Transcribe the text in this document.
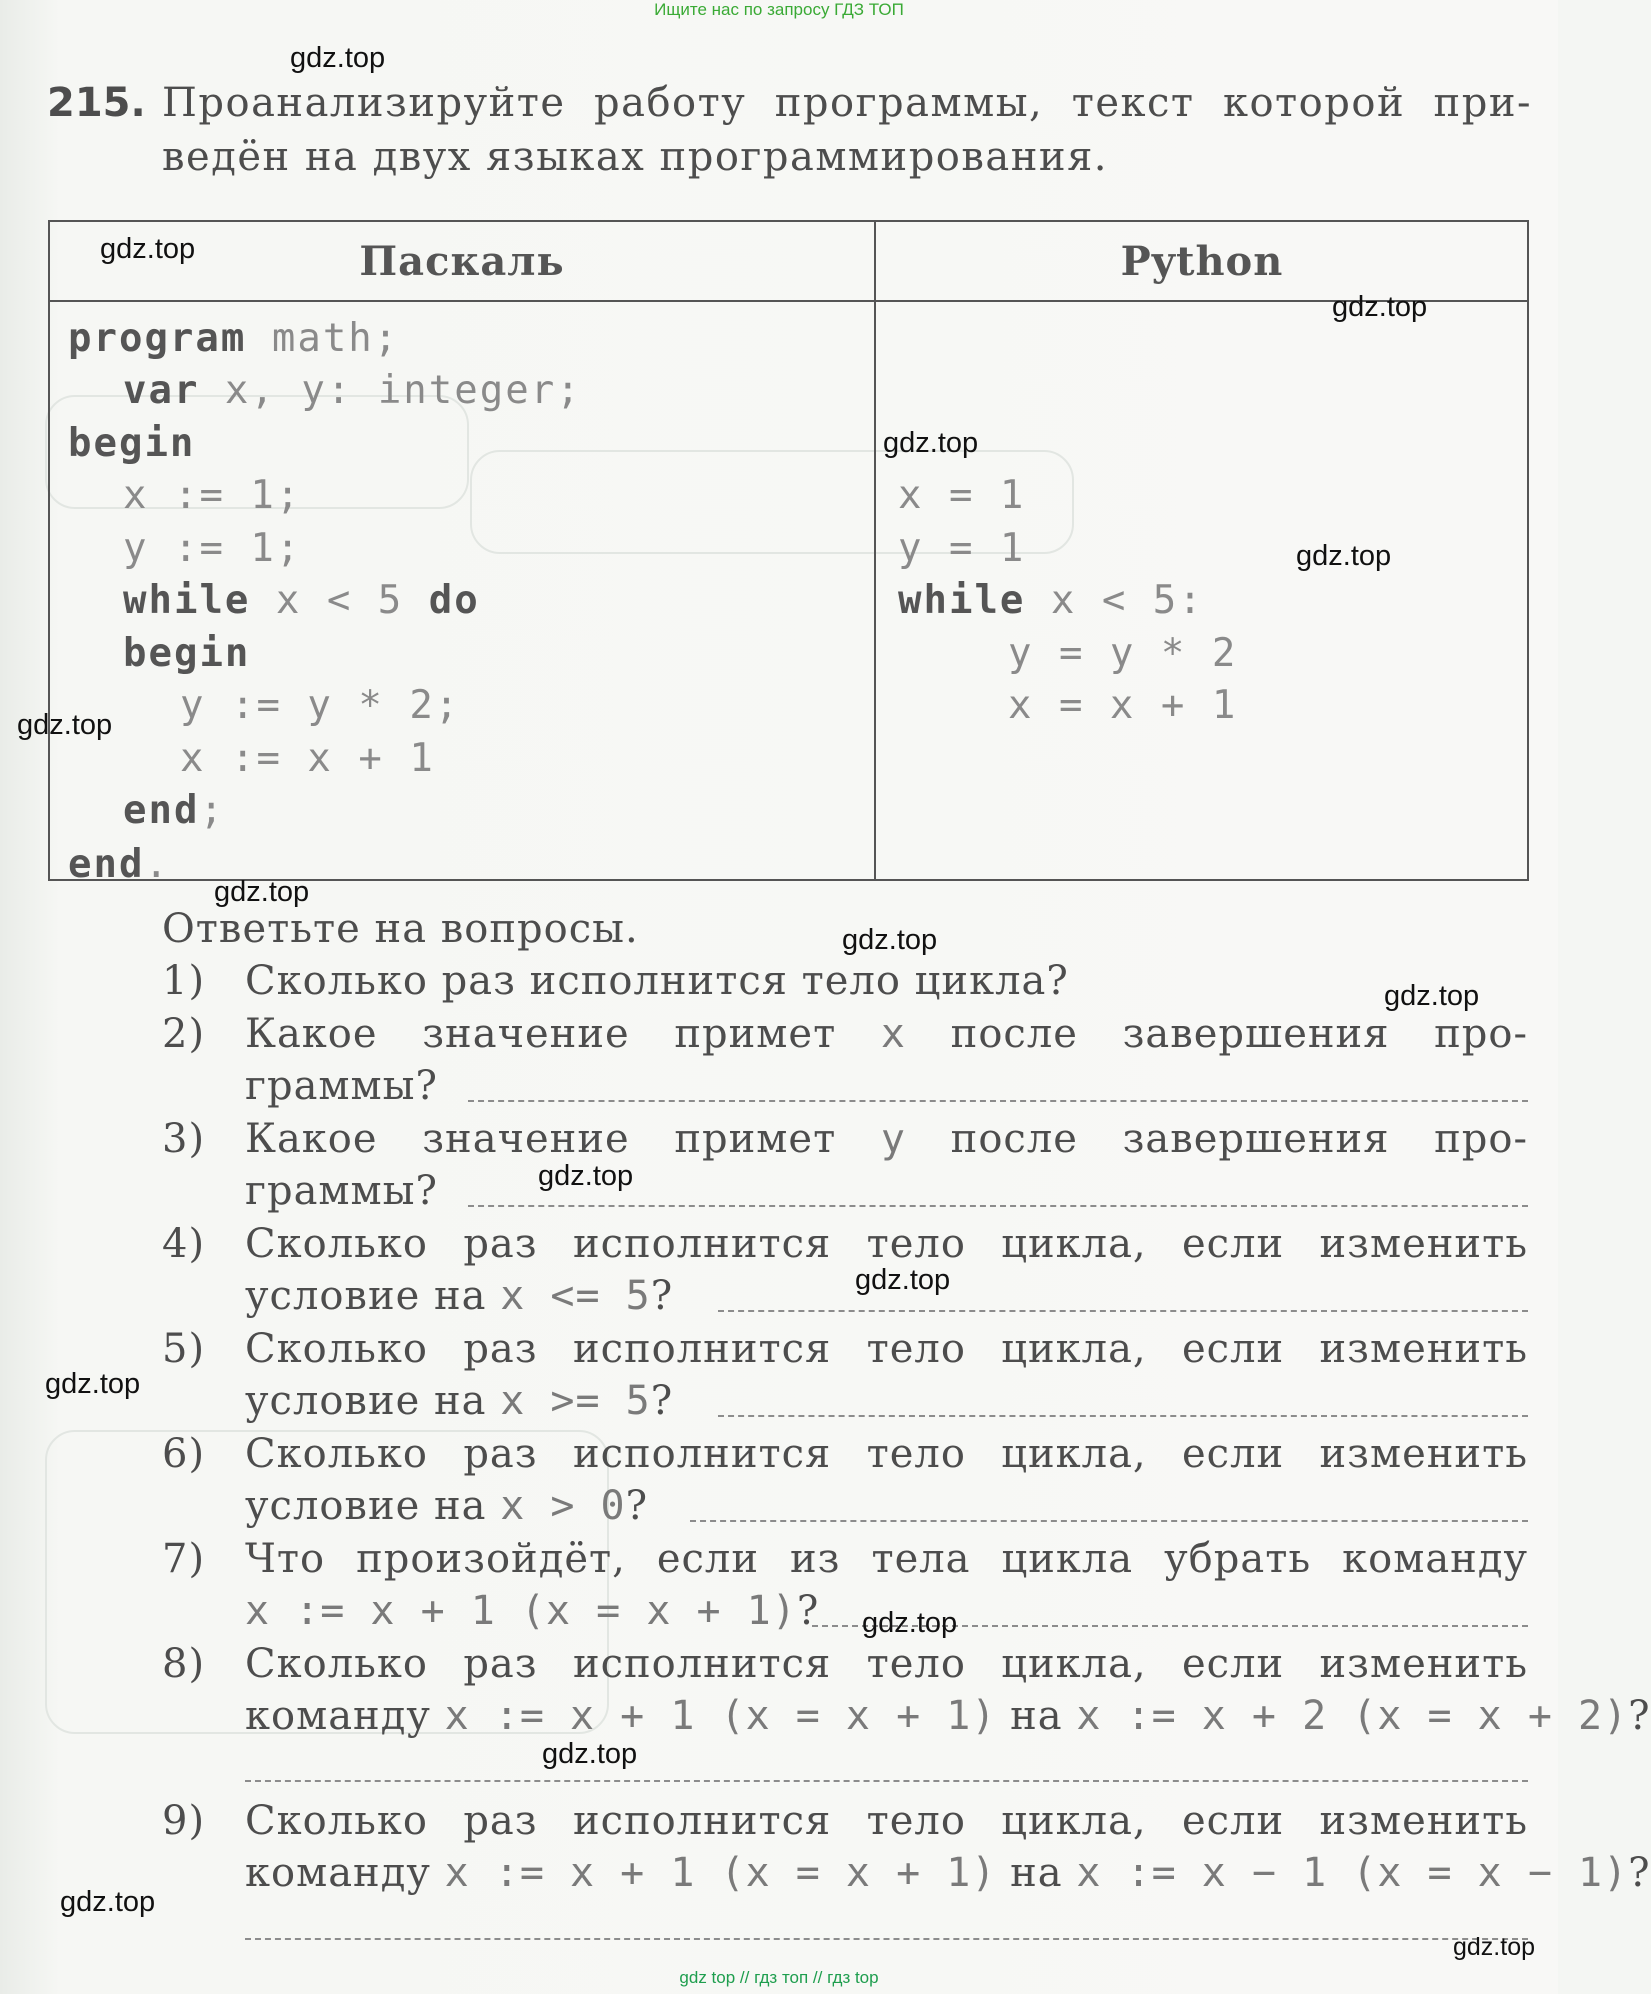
Ищите нас по запросу ГДЗ ТОП
215. Проанализируйте работу программы, текст которой при-
ведён на двух языках программирования.
Паскаль	Python
program math;
var x, y: integer;
begin
x := 1;
y := 1;
while x < 5 do
begin
y := y * 2;
x := x + 1
end;
end.
x = 1
y = 1
while x < 5:
y = y * 2
x = x + 1
Ответьте на вопросы.
1) Сколько раз исполнится тело цикла?
2) Какое значение примет x после завершения про-
граммы?
3) Какое значение примет y после завершения про-
граммы?
4) Сколько раз исполнится тело цикла, если изменить
условие на x <= 5?
5) Сколько раз исполнится тело цикла, если изменить
условие на x >= 5?
6) Сколько раз исполнится тело цикла, если изменить
условие на x > 0?
7) Что произойдёт, если из тела цикла убрать команду
x := x + 1 (x = x + 1)?
8) Сколько раз исполнится тело цикла, если изменить
команду x := x + 1 (x = x + 1) на x := x + 2 (x = x + 2)?
9) Сколько раз исполнится тело цикла, если изменить
команду x := x + 1 (x = x + 1) на x := x − 1 (x = x − 1)?
gdz.top
gdz.top
gdz.top
gdz.top
gdz.top
gdz.top
gdz.top
gdz.top
gdz.top
gdz.top
gdz.top
gdz.top
gdz.top
gdz.top
gdz.top
gdz.top
gdz top // гдз топ // гдз top
